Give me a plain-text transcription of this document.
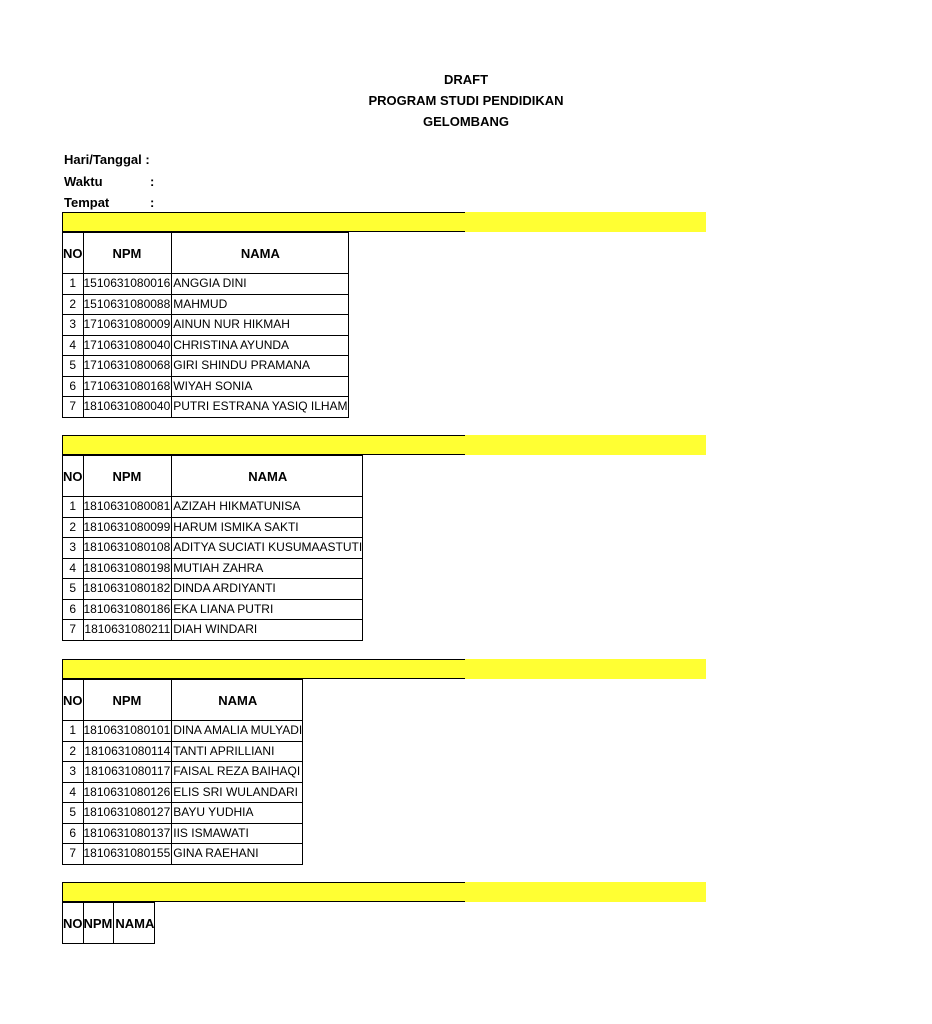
DRAFT
PROGRAM STUDI PENDIDIKAN
GELOMBANG
Hari/Tanggal :
Waktu	:
Tempat	:
NO	NPM	NAMA
1	1510631080016	ANGGIA DINI
2	1510631080088	MAHMUD
3	1710631080009	AINUN NUR HIKMAH
4	1710631080040	CHRISTINA AYUNDA
5	1710631080068	GIRI SHINDU PRAMANA
6	1710631080168	WIYAH SONIA
7	1810631080040	PUTRI ESTRANA YASIQ ILHAM
NO	NPM	NAMA
1	1810631080081	AZIZAH HIKMATUNISA
2	1810631080099	HARUM ISMIKA SAKTI
3	1810631080108	ADITYA SUCIATI KUSUMAASTUTI
4	1810631080198	MUTIAH ZAHRA
5	1810631080182	DINDA ARDIYANTI
6	1810631080186	EKA LIANA PUTRI
7	1810631080211	DIAH WINDARI
NO	NPM	NAMA
1	1810631080101	DINA AMALIA MULYADI
2	1810631080114	TANTI APRILLIANI
3	1810631080117	FAISAL REZA BAIHAQI
4	1810631080126	ELIS SRI WULANDARI
5	1810631080127	BAYU YUDHIA
6	1810631080137	IIS ISMAWATI
7	1810631080155	GINA RAEHANI
NO	NPM	NAMA
